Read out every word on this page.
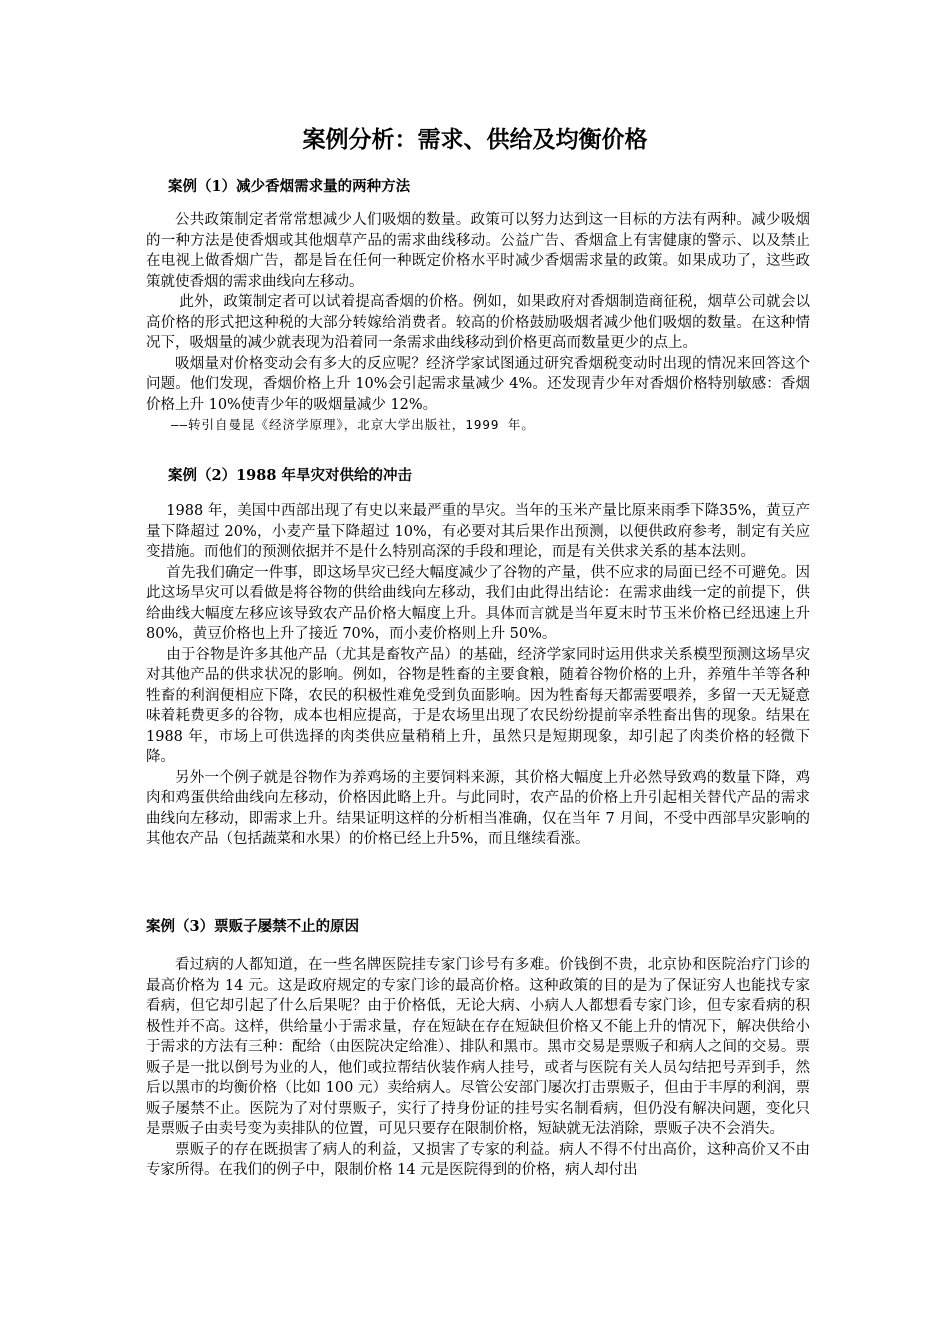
案例分析：需求、供给及均衡价格
案例（1）减少香烟需求量的两种方法

公共政策制定者常常想减少人们吸烟的数量。政策可以努力达到这一目标的方法有两种。减少吸烟的一种方法是使香烟或其他烟草产品的需求曲线移动。公益广告、香烟盒上有害健康的警示、以及禁止在电视上做香烟广告，都是旨在任何一种既定价格水平时减少香烟需求量的政策。如果成功了，这些政策就使香烟的需求曲线向左移动。

此外，政策制定者可以试着提高香烟的价格。例如，如果政府对香烟制造商征税，烟草公司就会以高价格的形式把这种税的大部分转嫁给消费者。较高的价格鼓励吸烟者减少他们吸烟的数量。在这种情况下，吸烟量的减少就表现为沿着同一条需求曲线移动到价格更高而数量更少的点上。

吸烟量对价格变动会有多大的反应呢？经济学家试图通过研究香烟税变动时出现的情况来回答这个问题。他们发现，香烟价格上升 10%会引起需求量减少 4%。还发现青少年对香烟价格特别敏感：香烟价格上升 10%使青少年的吸烟量减少 12%。

——转引自曼昆《经济学原理》，北京大学出版社，1999 年。

案例（2）1988 年旱灾对供给的冲击

1988 年，美国中西部出现了有史以来最严重的旱灾。当年的玉米产量比原来雨季下降35%，黄豆产量下降超过 20%，小麦产量下降超过 10%，有必要对其后果作出预测，以便供政府参考，制定有关应变措施。而他们的预测依据并不是什么特别高深的手段和理论，而是有关供求关系的基本法则。

首先我们确定一件事，即这场旱灾已经大幅度减少了谷物的产量，供不应求的局面已经不可避免。因此这场旱灾可以看做是将谷物的供给曲线向左移动，我们由此得出结论：在需求曲线一定的前提下，供给曲线大幅度左移应该导致农产品价格大幅度上升。具体而言就是当年夏末时节玉米价格已经迅速上升 80%，黄豆价格也上升了接近 70%，而小麦价格则上升 50%。

由于谷物是许多其他产品（尤其是畜牧产品）的基础，经济学家同时运用供求关系模型预测这场旱灾对其他产品的供求状况的影响。例如，谷物是牲畜的主要食粮，随着谷物价格的上升，养殖牛羊等各种牲畜的利润便相应下降，农民的积极性难免受到负面影响。因为牲畜每天都需要喂养，多留一天无疑意味着耗费更多的谷物，成本也相应提高，于是农场里出现了农民纷纷提前宰杀牲畜出售的现象。结果在 1988 年，市场上可供选择的肉类供应量稍稍上升，虽然只是短期现象，却引起了肉类价格的轻微下降。

另外一个例子就是谷物作为养鸡场的主要饲料来源，其价格大幅度上升必然导致鸡的数量下降，鸡肉和鸡蛋供给曲线向左移动，价格因此略上升。与此同时，农产品的价格上升引起相关替代产品的需求曲线向左移动，即需求上升。结果证明这样的分析相当准确，仅在当年 7 月间，不受中西部旱灾影响的其他农产品（包括蔬菜和水果）的价格已经上升5%，而且继续看涨。

案例（3）票贩子屡禁不止的原因

看过病的人都知道，在一些名牌医院挂专家门诊号有多难。价钱倒不贵，北京协和医院治疗门诊的最高价格为 14 元。这是政府规定的专家门诊的最高价格。这种政策的目的是为了保证穷人也能找专家看病，但它却引起了什么后果呢？由于价格低，无论大病、小病人人都想看专家门诊，但专家看病的积极性并不高。这样，供给量小于需求量，存在短缺在存在短缺但价格又不能上升的情况下，解决供给小于需求的方法有三种：配给（由医院决定给准）、排队和黑市。黑市交易是票贩子和病人之间的交易。票贩子是一批以倒号为业的人，他们或拉帮结伙装作病人挂号，或者与医院有关人员勾结把号弄到手，然后以黑市的均衡价格（比如 100 元）卖给病人。尽管公安部门屡次打击票贩子，但由于丰厚的利润，票贩子屡禁不止。医院为了对付票贩子，实行了持身份证的挂号实名制看病，但仍没有解决问题，变化只是票贩子由卖号变为卖排队的位置，可见只要存在限制价格，短缺就无法消除，票贩子决不会消失。

票贩子的存在既损害了病人的利益，又损害了专家的利益。病人不得不付出高价，这种高价又不由专家所得。在我们的例子中，限制价格 14 元是医院得到的价格，病人却付出
